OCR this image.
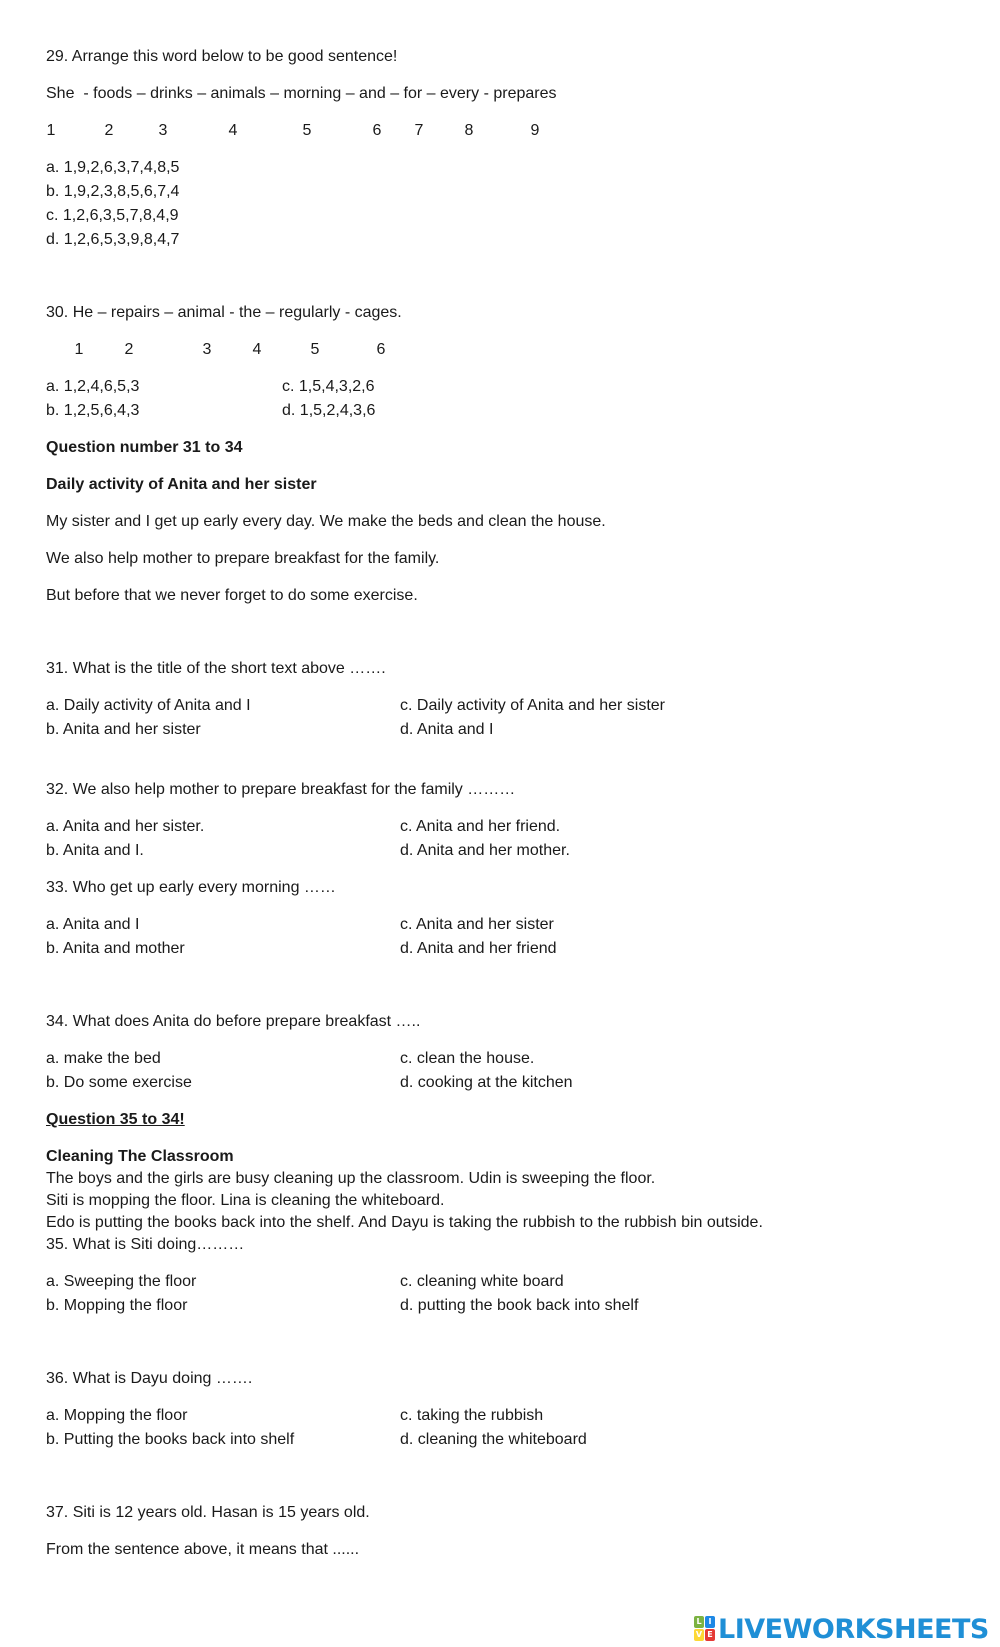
29. Arrange this word below to be good sentence!
She  - foods – drinks – animals – morning – and – for – every - prepares
1	2	3	4	5	6	7	8	9
a. 1,9,2,6,3,7,4,8,5
b. 1,9,2,3,8,5,6,7,4
c. 1,2,6,3,5,7,8,4,9
d. 1,2,6,5,3,9,8,4,7
30. He – repairs – animal - the – regularly - cages.
1	2	3	4	5	6
a. 1,2,4,6,5,3	c. 1,5,4,3,2,6
b. 1,2,5,6,4,3	d. 1,5,2,4,3,6
Question number 31 to 34
Daily activity of Anita and her sister
My sister and I get up early every day. We make the beds and clean the house.
We also help mother to prepare breakfast for the family.
But before that we never forget to do some exercise.
31. What is the title of the short text above …….
a. Daily activity of Anita and I	c. Daily activity of Anita and her sister
b. Anita and her sister	d. Anita and I
32. We also help mother to prepare breakfast for the family ………
a. Anita and her sister.	c. Anita and her friend.
b. Anita and I.	d. Anita and her mother.
33. Who get up early every morning ……
a. Anita and I	c. Anita and her sister
b. Anita and mother	d. Anita and her friend
34. What does Anita do before prepare breakfast …..
a. make the bed	c. clean the house.
b. Do some exercise	d. cooking at the kitchen
Question 35 to 34!
Cleaning The Classroom
The boys and the girls are busy cleaning up the classroom. Udin is sweeping the floor.
Siti is mopping the floor. Lina is cleaning the whiteboard.
Edo is putting the books back into the shelf. And Dayu is taking the rubbish to the rubbish bin outside.
35. What is Siti doing………
a. Sweeping the floor	c. cleaning white board
b. Mopping the floor	d. putting the book back into shelf
36. What is Dayu doing …….
a. Mopping the floor	c. taking the rubbish
b. Putting the books back into shelf	d. cleaning the whiteboard
37. Siti is 12 years old. Hasan is 15 years old.
From the sentence above, it means that ......
L I
V E LIVEWORKSHEETS
